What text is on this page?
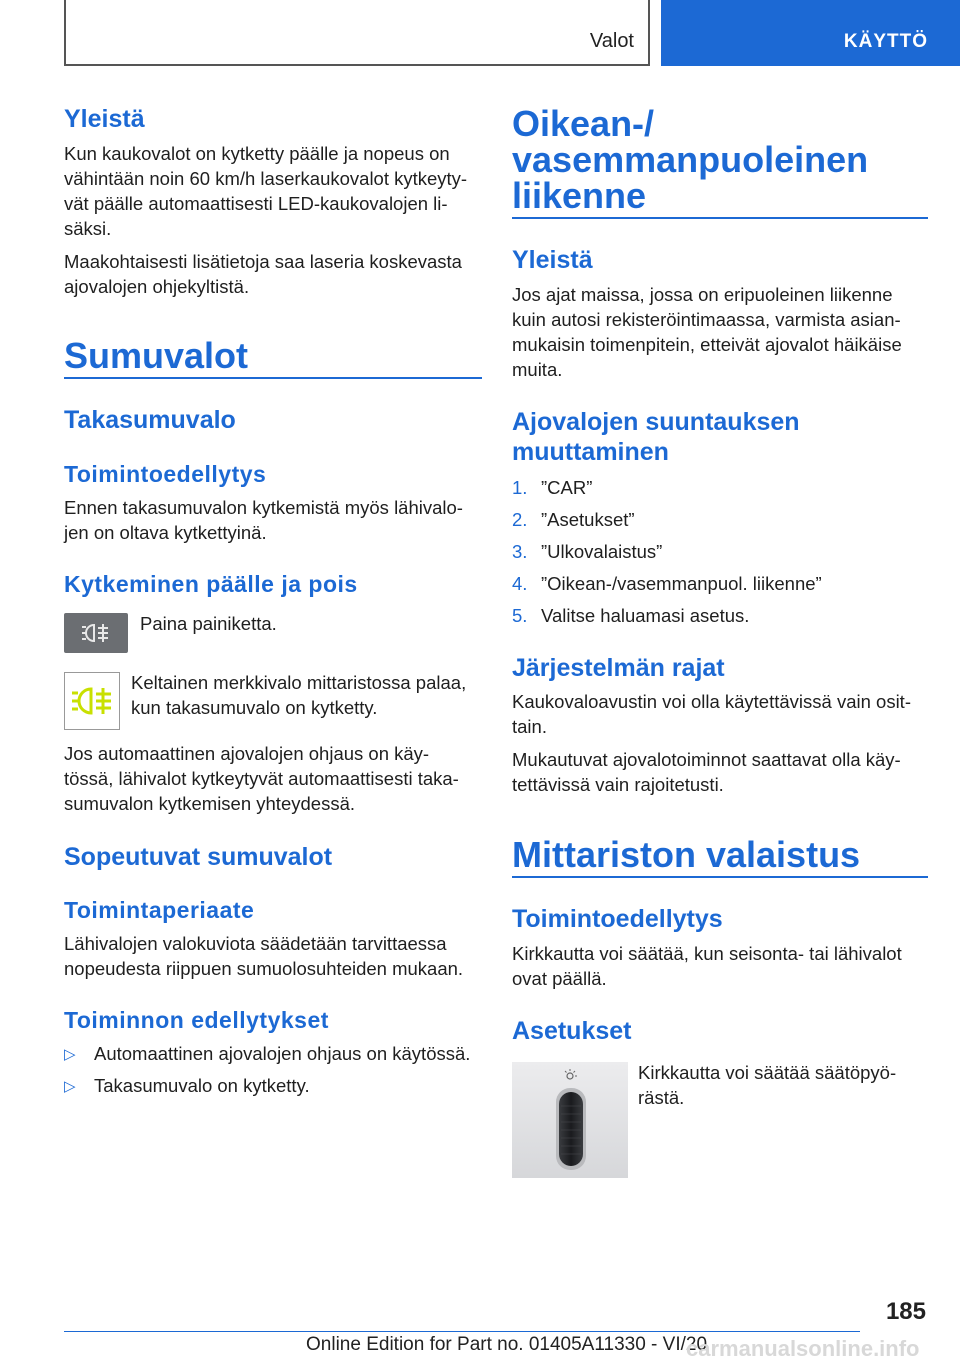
Valot	KÄYTTÖ
Yleistä
Kun kaukovalot on kytketty päälle ja nopeus on
vähintään noin 60 km/h laserkaukovalot kytkeyty‐
vät päälle automaattisesti LED-kaukovalojen li‐
säksi.
Maakohtaisesti lisätietoja saa laseria koskevasta
ajovalojen ohjekyltistä.
Sumuvalot
Takasumuvalo
Toimintoedellytys
Ennen takasumuvalon kytkemistä myös lähivalo‐
jen on oltava kytkettyinä.
Kytkeminen päälle ja pois
Paina painiketta.
Keltainen merkkivalo mittaristossa palaa,
kun takasumuvalo on kytketty.
Jos automaattinen ajovalojen ohjaus on käy‐
tössä, lähivalot kytkeytyvät automaattisesti taka‐
sumuvalon kytkemisen yhteydessä.
Sopeutuvat sumuvalot
Toimintaperiaate
Lähivalojen valokuviota säädetään tarvittaessa
nopeudesta riippuen sumuolosuhteiden mukaan.
Toiminnon edellytykset
▷ Automaattinen ajovalojen ohjaus on käytössä.
▷ Takasumuvalo on kytketty.
Oikean-/
vasemmanpuoleinen
liikenne
Yleistä
Jos ajat maissa, jossa on eripuoleinen liikenne
kuin autosi rekisteröintimaassa, varmista asian‐
mukaisin toimenpitein, etteivät ajovalot häikäise
muita.
Ajovalojen suuntauksen
muuttaminen
1. ”CAR”
2. ”Asetukset”
3. ”Ulkovalaistus”
4. ”Oikean-/vasemmanpuol. liikenne”
5. Valitse haluamasi asetus.
Järjestelmän rajat
Kaukovaloavustin voi olla käytettävissä vain osit‐
tain.
Mukautuvat ajovalotoiminnot saattavat olla käy‐
tettävissä vain rajoitetusti.
Mittariston valaistus
Toimintoedellytys
Kirkkautta voi säätää, kun seisonta- tai lähivalot
ovat päällä.
Asetukset
Kirkkautta voi säätää säätöpyö‐
rästä.
185
Online Edition for Part no. 01405A11330 - VI/20
carmanualsonline.info
